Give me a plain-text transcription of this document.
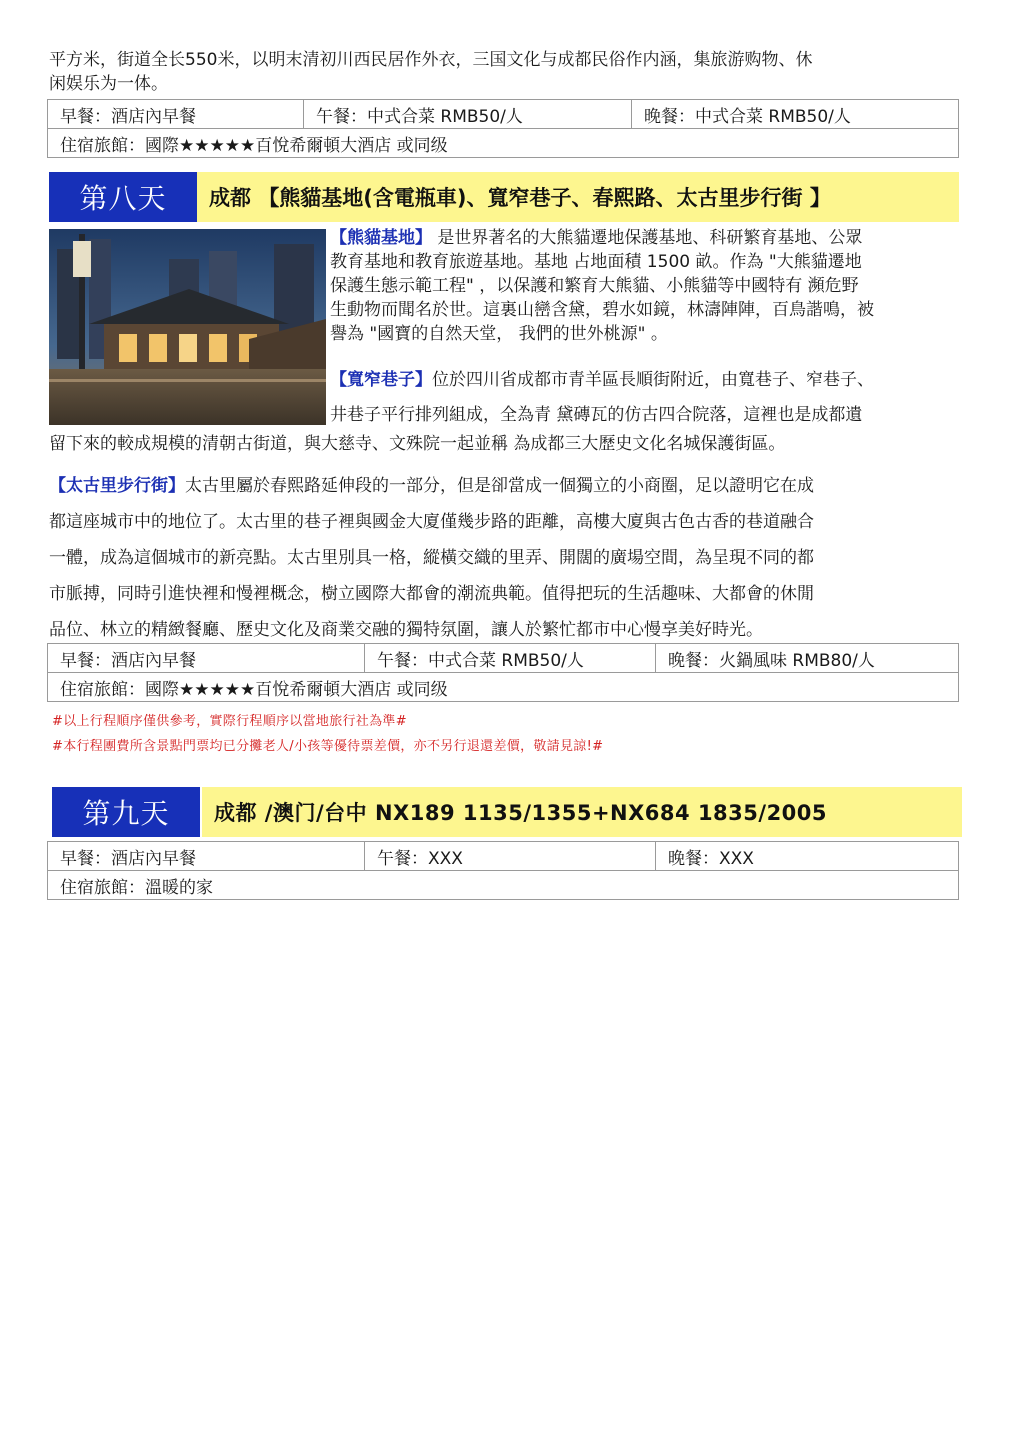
平方米，街道全长550米，以明末清初川西民居作外衣，三国文化与成都民俗作内涵，集旅游购物、休
闲娱乐为一体。

早餐：酒店內早餐	午餐：中式合菜 RMB50/人	晚餐：中式合菜 RMB50/人
住宿旅館：國際★★★★★百悅希爾頓大酒店 或同级
第八天	成都 【熊貓基地(含電瓶車)、寬窄巷子、春熙路、太古里步行街 】
【熊貓基地】 是世界著名的大熊貓遷地保護基地、科研繁育基地、公眾
教育基地和教育旅遊基地。基地 占地面積 1500 畝。作為 "大熊貓遷地
保護生態示範工程" ，以保護和繁育大熊貓、小熊貓等中國特有 瀕危野
生動物而聞名於世。這裏山巒含黛，碧水如鏡，林濤陣陣，百鳥諧鳴，被
譽為 "國寶的自然天堂， 我們的世外桃源" 。
【寬窄巷子】位於四川省成都市青羊區長順街附近，由寬巷子、窄巷子、
井巷子平行排列組成，全為青 黛磚瓦的仿古四合院落，這裡也是成都遺
留下來的較成規模的清朝古街道，與大慈寺、文殊院一起並稱 為成都三大歷史文化名城保護街區。
【太古里步行街】太古里屬於春熙路延伸段的一部分，但是卻當成一個獨立的小商圈，足以證明它在成
都這座城市中的地位了。太古里的巷子裡與國金大廈僅幾步路的距離，高樓大廈與古色古香的巷道融合
一體，成為這個城市的新亮點。太古里別具一格，縱橫交織的里弄、開闊的廣場空間，為呈現不同的都
市脈搏，同時引進快裡和慢裡概念，樹立國際大都會的潮流典範。值得把玩的生活趣味、大都會的休閒
品位、林立的精緻餐廳、歷史文化及商業交融的獨特氛圍，讓人於繁忙都市中心慢享美好時光。
早餐：酒店內早餐	午餐：中式合菜 RMB50/人	晚餐：火鍋風味 RMB80/人
住宿旅館：國際★★★★★百悅希爾頓大酒店 或同级
#以上行程順序僅供參考，實際行程順序以當地旅行社為準#
#本行程團費所含景點門票均已分攤老人/小孩等優待票差價，亦不另行退還差價，敬請見諒!#
第九天	成都 /澳门/台中 NX189 1135/1355+NX684 1835/2005
早餐：酒店內早餐	午餐：XXX	晚餐：XXX
住宿旅館：溫暖的家
